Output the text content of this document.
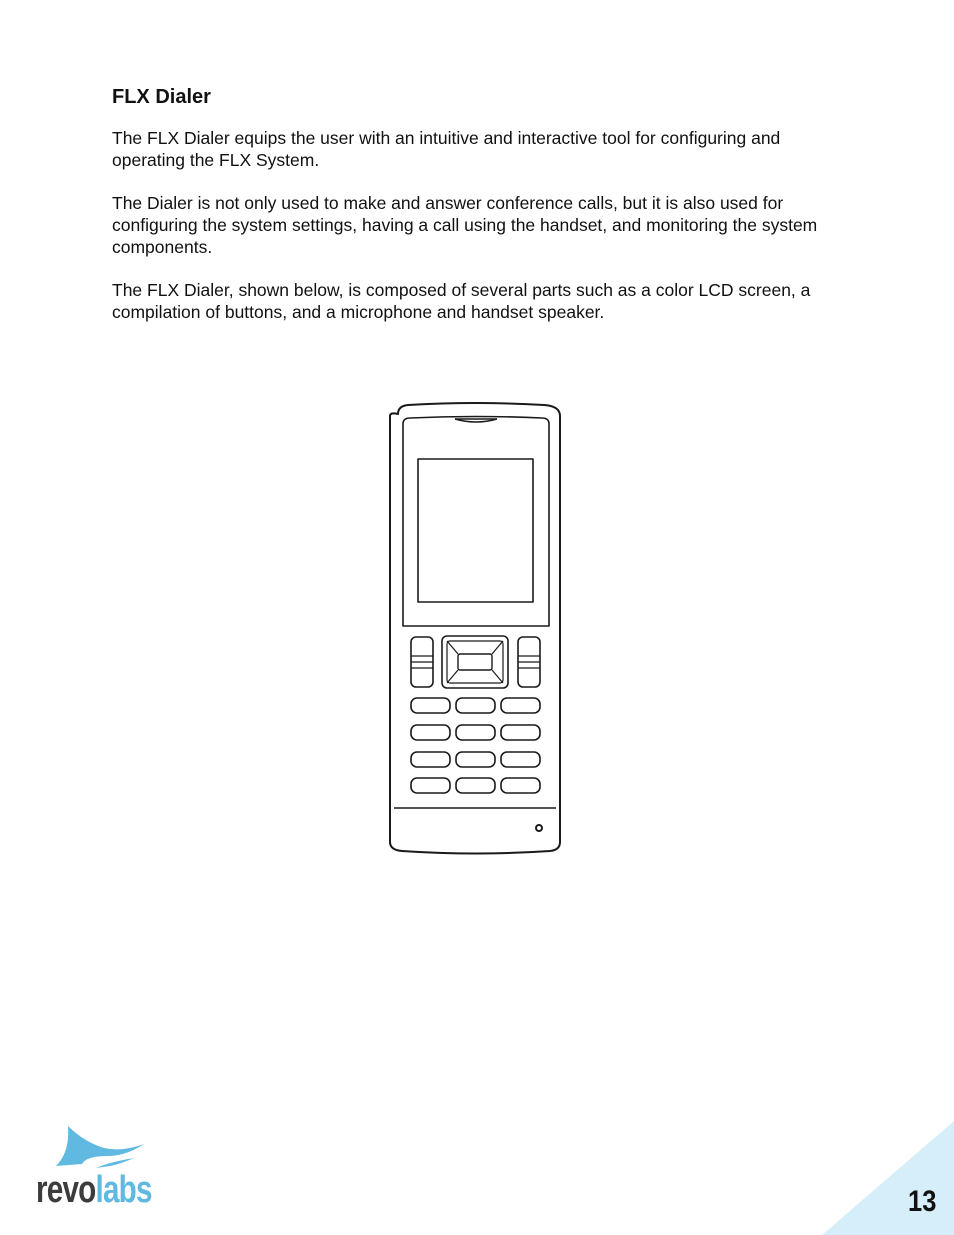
FLX Dialer

The FLX Dialer equips the user with an intuitive and interactive tool for configuring and operating the FLX System.

The Dialer is not only used to make and answer conference calls, but it is also used for configuring the system settings, having a call using the handset, and monitoring the system components.

The FLX Dialer, shown below, is composed of several parts such as a color LCD screen, a compilation of buttons, and a microphone and handset speaker.

revolabs	13
